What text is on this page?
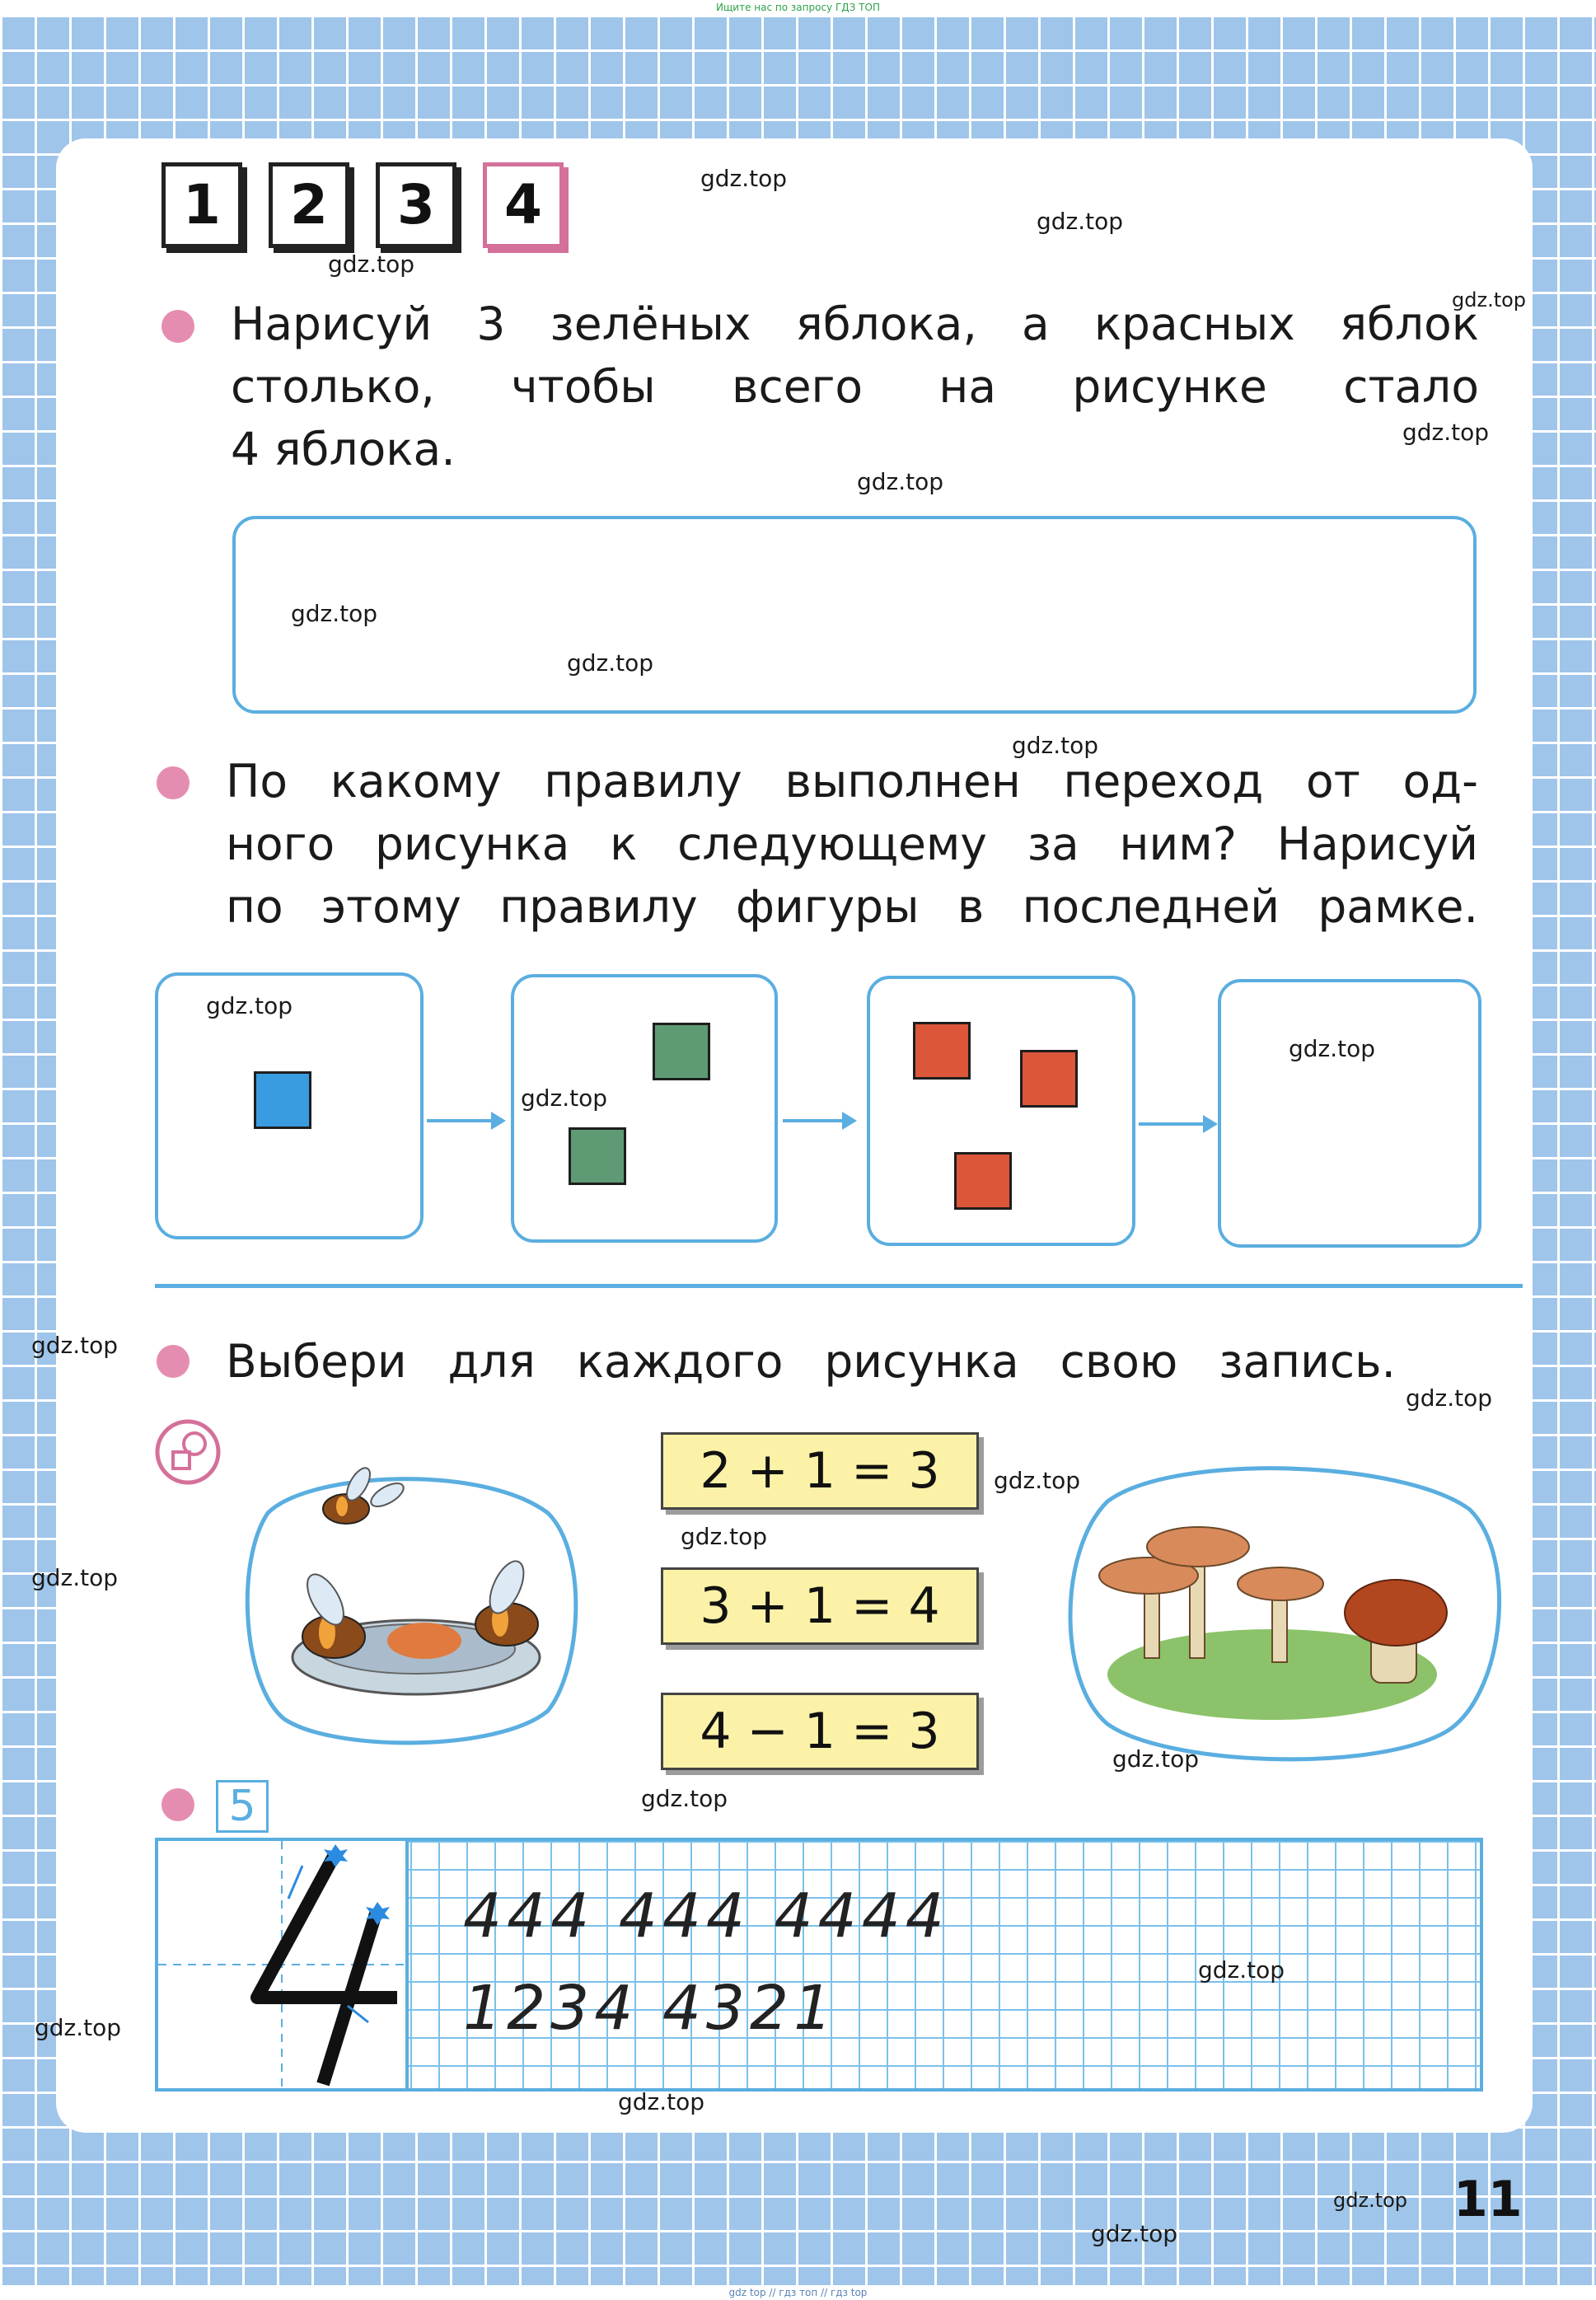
Ищите нас по запросу ГДЗ ТОП
gdz top // гдз топ // гдз top
1	2	3	4
Нарисуй 3 зелёных яблока, а красных яблок
столько, чтобы всего на рисунке стало
4 яблока.
По какому правилу выполнен переход от од-
ного рисунка к следующему за ним? Нарисуй
по этому правилу фигуры в последней рамке.
Выбери для каждого рисунка свою запись.
2 + 1 = 3
3 + 1 = 4
4 − 1 = 3
5
444 444 4444
1234 4321
gdz.top
gdz.top
gdz.top
gdz.top
gdz.top
gdz.top
gdz.top
gdz.top
gdz.top
gdz.top
gdz.top
gdz.top
gdz.top
gdz.top
gdz.top
gdz.top
gdz.top
gdz.top
gdz.top
gdz.top
gdz.top
gdz.top
gdz.top
gdz.top
11
